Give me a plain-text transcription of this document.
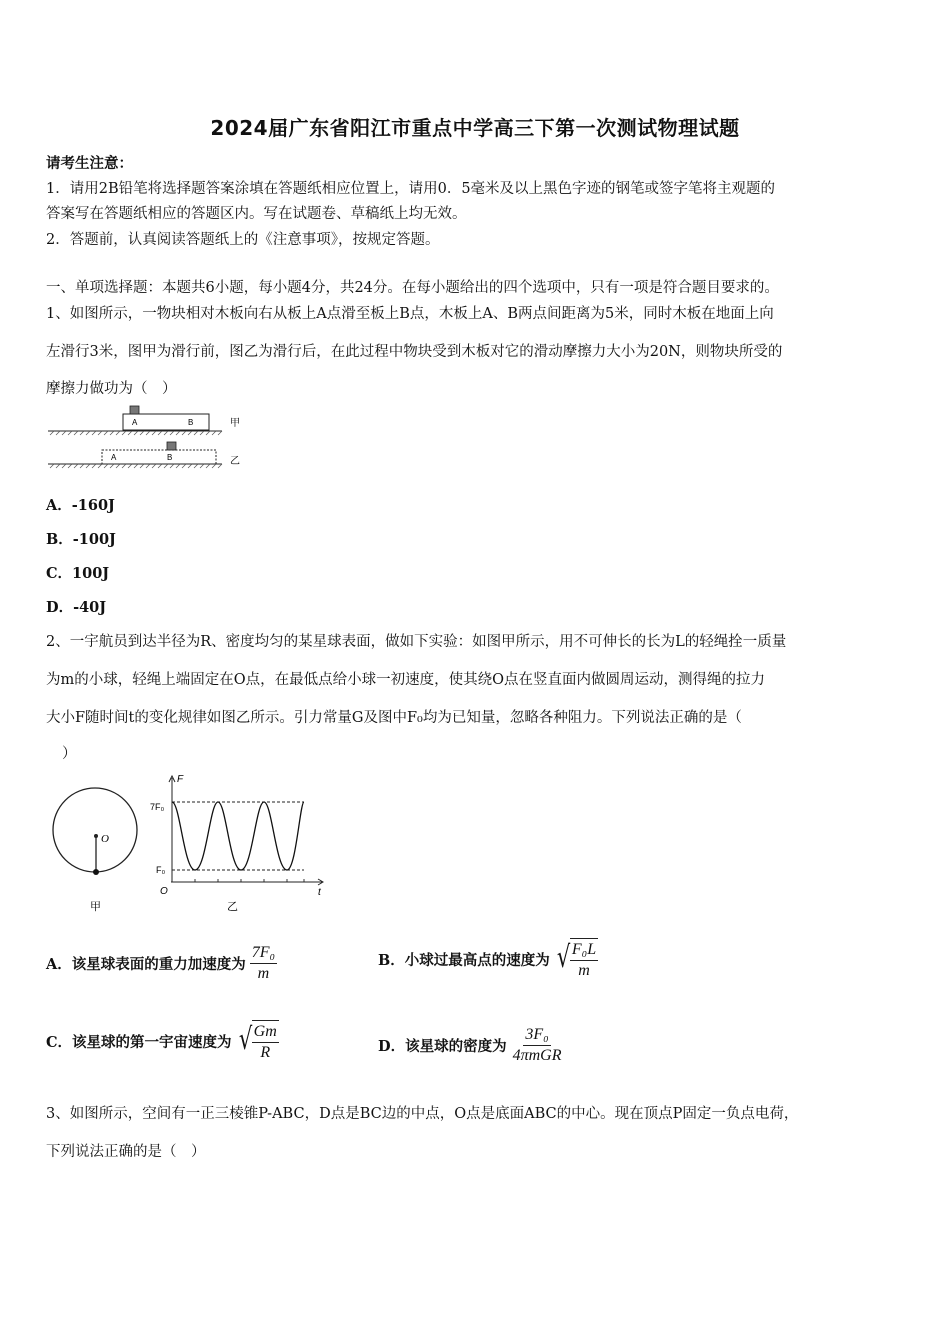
2024届广东省阳江市重点中学高三下第一次测试物理试题
请考生注意：
1．请用2B铅笔将选择题答案涂填在答题纸相应位置上，请用0．5毫米及以上黑色字迹的钢笔或签字笔将主观题的
答案写在答题纸相应的答题区内。写在试题卷、草稿纸上均无效。
2．答题前，认真阅读答题纸上的《注意事项》，按规定答题。
一、单项选择题：本题共6小题，每小题4分，共24分。在每小题给出的四个选项中，只有一项是符合题目要求的。
1、如图所示，一物块相对木板向右从板上A点滑至板上B点，木板上A、B两点间距离为5米，同时木板在地面上向
左滑行3米，图甲为滑行前，图乙为滑行后，在此过程中物块受到木板对它的滑动摩擦力大小为20N，则物块所受的
摩擦力做功为（　）
A	B	甲
A	B	乙
A．-160J
B．-100J
C．100J
D．-40J
2、一宇航员到达半径为R、密度均匀的某星球表面，做如下实验：如图甲所示，用不可伸长的长为L的轻绳拴一质量
为m的小球，轻绳上端固定在O点，在最低点给小球一初速度，使其绕O点在竖直面内做圆周运动，测得绳的拉力
大小F随时间t的变化规律如图乙所示。引力常量G及图中F₀均为已知量，忽略各种阻力。下列说法正确的是（
）
O
甲
F
t
O
7F₀
F₀
乙
A．该星球表面的重力加速度为 $\frac{\text{7F₀}}{m}$	B．小球过最高点的速度为 √ $\frac{\text{F₀L}}{m}$
C．该星球的第一宇宙速度为 √ $\frac{Gm}{R}$	D．该星球的密度为 $\frac{\text{3F₀}}{\text{4πmGR}}$
3、如图所示，空间有一正三棱锥P-ABC，D点是BC边的中点，O点是底面ABC的中心。现在顶点P固定一负点电荷，
下列说法正确的是（　）
